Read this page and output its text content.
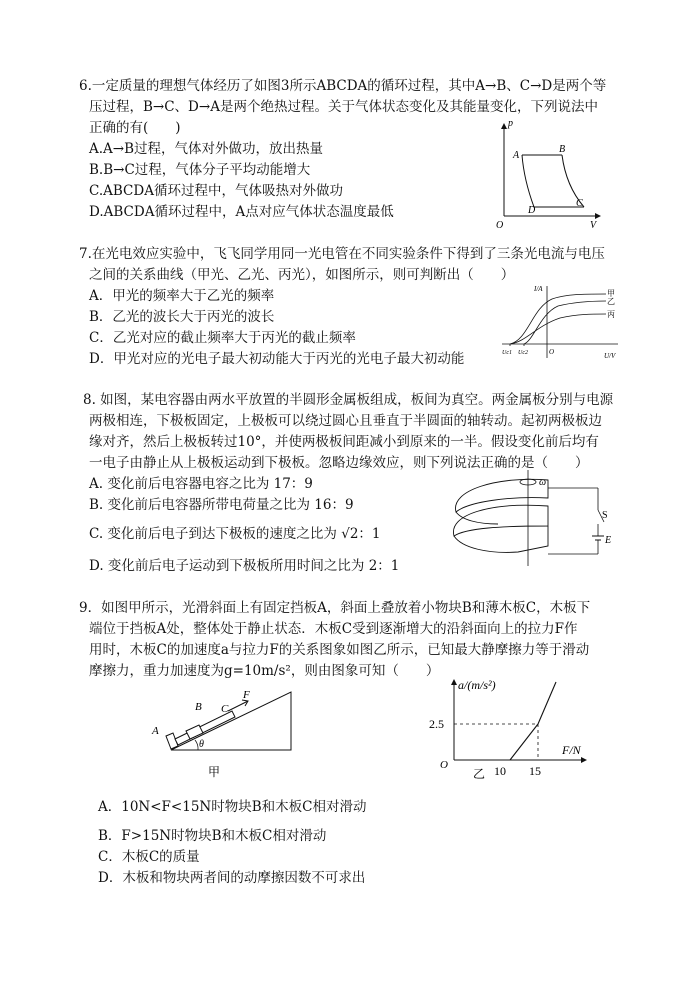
6.一定质量的理想气体经历了如图3所示ABCDA的循环过程，其中A→B、C→D是两个等
压过程，B→C、D→A是两个绝热过程。关于气体状态变化及其能量变化，下列说法中
正确的有(　　)
A.A→B过程，气体对外做功，放出热量
B.B→C过程，气体分子平均动能增大
C.ABCDA循环过程中，气体吸热对外做功
D.ABCDA循环过程中，A点对应气体状态温度最低
p
V
O
A
B
C
D
7.在光电效应实验中，飞飞同学用同一光电管在不同实验条件下得到了三条光电流与电压
之间的关系曲线（甲光、乙光、丙光），如图所示，则可判断出（　　）
A．甲光的频率大于乙光的频率
B．乙光的波长大于丙光的波长
C．乙光对应的截止频率大于丙光的截止频率
D．甲光对应的光电子最大初动能大于丙光的光电子最大初动能
I/A
U/V
O
Uc1 Uc2
甲
乙
丙
8. 如图，某电容器由两水平放置的半圆形金属板组成，板间为真空。两金属板分别与电源
两极相连，下极板固定，上极板可以绕过圆心且垂直于半圆面的轴转动。起初两极板边
缘对齐，然后上极板转过10°，并使两极板间距减小到原来的一半。假设变化前后均有
一电子由静止从上极板运动到下极板。忽略边缘效应，则下列说法正确的是（　　）
A. 变化前后电容器电容之比为 17：9
B. 变化前后电容器所带电荷量之比为 16：9
C. 变化前后电子到达下极板的速度之比为 √2：1
D. 变化前后电子运动到下极板所用时间之比为 2：1
ω
S
E
9．如图甲所示，光滑斜面上有固定挡板A，斜面上叠放着小物块B和薄木板C，木板下
端位于挡板A处，整体处于静止状态．木板C受到逐渐增大的沿斜面向上的拉力F作
用时，木板C的加速度a与拉力F的关系图象如图乙所示，已知最大静摩擦力等于滑动
摩擦力，重力加速度为g=10m/s²，则由图象可知（　　）
A
B C
F
θ
甲
a/(m/s²)
F/N
O
2.5
10 15
乙
A．10N<F<15N时物块B和木板C相对滑动
B．F>15N时物块B和木板C相对滑动
C．木板C的质量
D．木板和物块两者间的动摩擦因数不可求出
